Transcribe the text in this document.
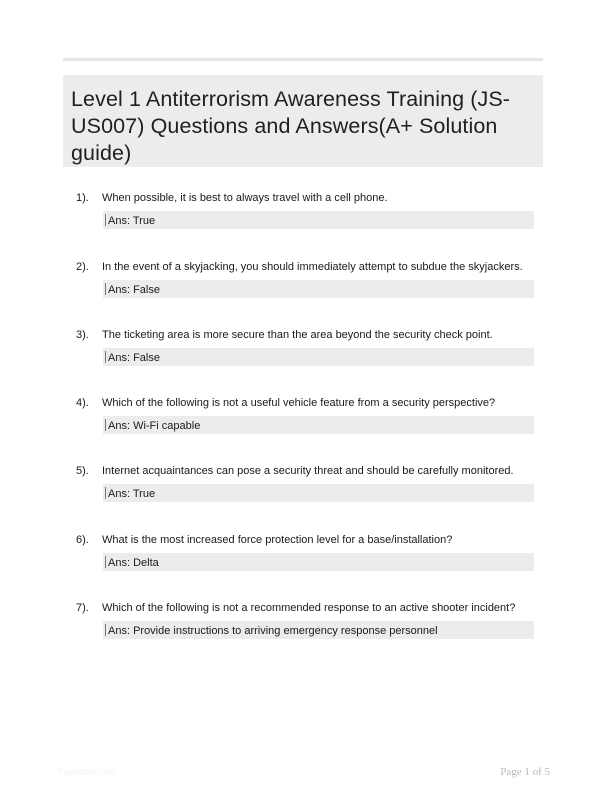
Level 1 Antiterrorism Awareness Training (JS-US007) Questions and Answers(A+ Solution guide)
1). When possible, it is best to always travel with a cell phone.
Ans: True
2). In the event of a skyjacking, you should immediately attempt to subdue the skyjackers.
Ans: False
3). The ticketing area is more secure than the area beyond the security check point.
Ans: False
4). Which of the following is not a useful vehicle feature from a security perspective?
Ans: Wi-Fi capable
5). Internet acquaintances can pose a security threat and should be carefully monitored.
Ans: True
6). What is the most increased force protection level for a base/installation?
Ans: Delta
7). Which of the following is not a recommended response to an active shooter incident?
Ans: Provide instructions to arriving emergency response personnel
Papertbic.com	Page 1 of 5
